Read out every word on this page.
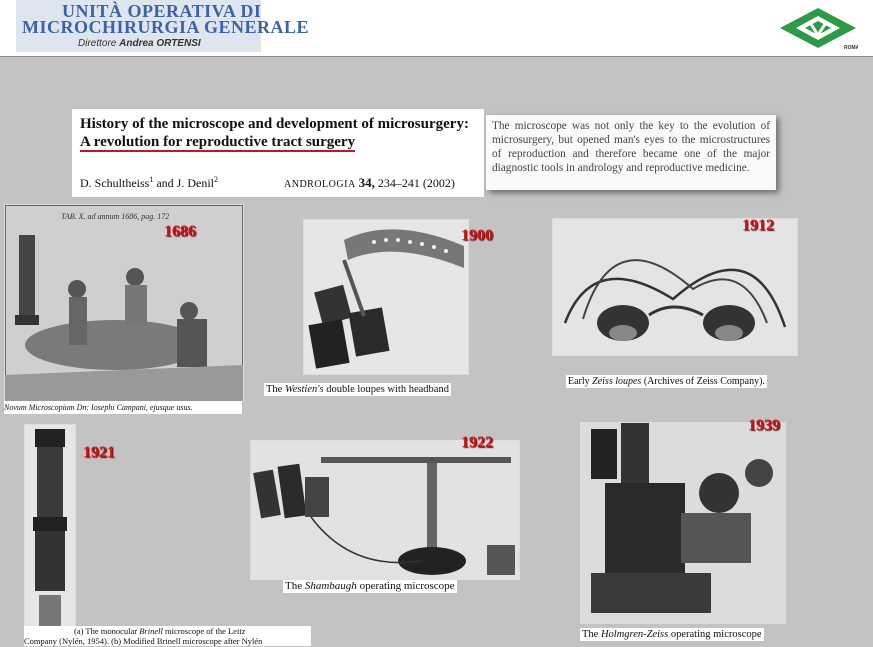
UNITÀ OPERATIVA DI
MICROCHIRURGIA GENERALE
Direttore Andrea ORTENSI	ROMA
History of the microscope and development of microsurgery: A revolution for reproductive tract surgery
D. Schultheiss$^1$ and J. Denil$^2$	ANDROLOGIA 34, 234–241 (2002)

The microscope was not only the key to the evolution of microsurgery, but opened man's eyes to the microstructures of reproduction and therefore became one of the major diagnostic tools in andrology and reproductive medicine.

TAB. X. ad annum 1686, pag. 172
1686
Novum Microscopium Dn: Iosephi Campani, ejusque usus.
1900
The Westien's double loupes with headband
1912
Early Zeiss loupes (Archives of Zeiss Company).
1921
(a) The monocular Brinell microscope of the Leitz
Company (Nylén, 1954). (b) Modified Brinell microscope after Nylén
1922
The Shambaugh operating microscope
1939
The Holmgren-Zeiss operating microscope
